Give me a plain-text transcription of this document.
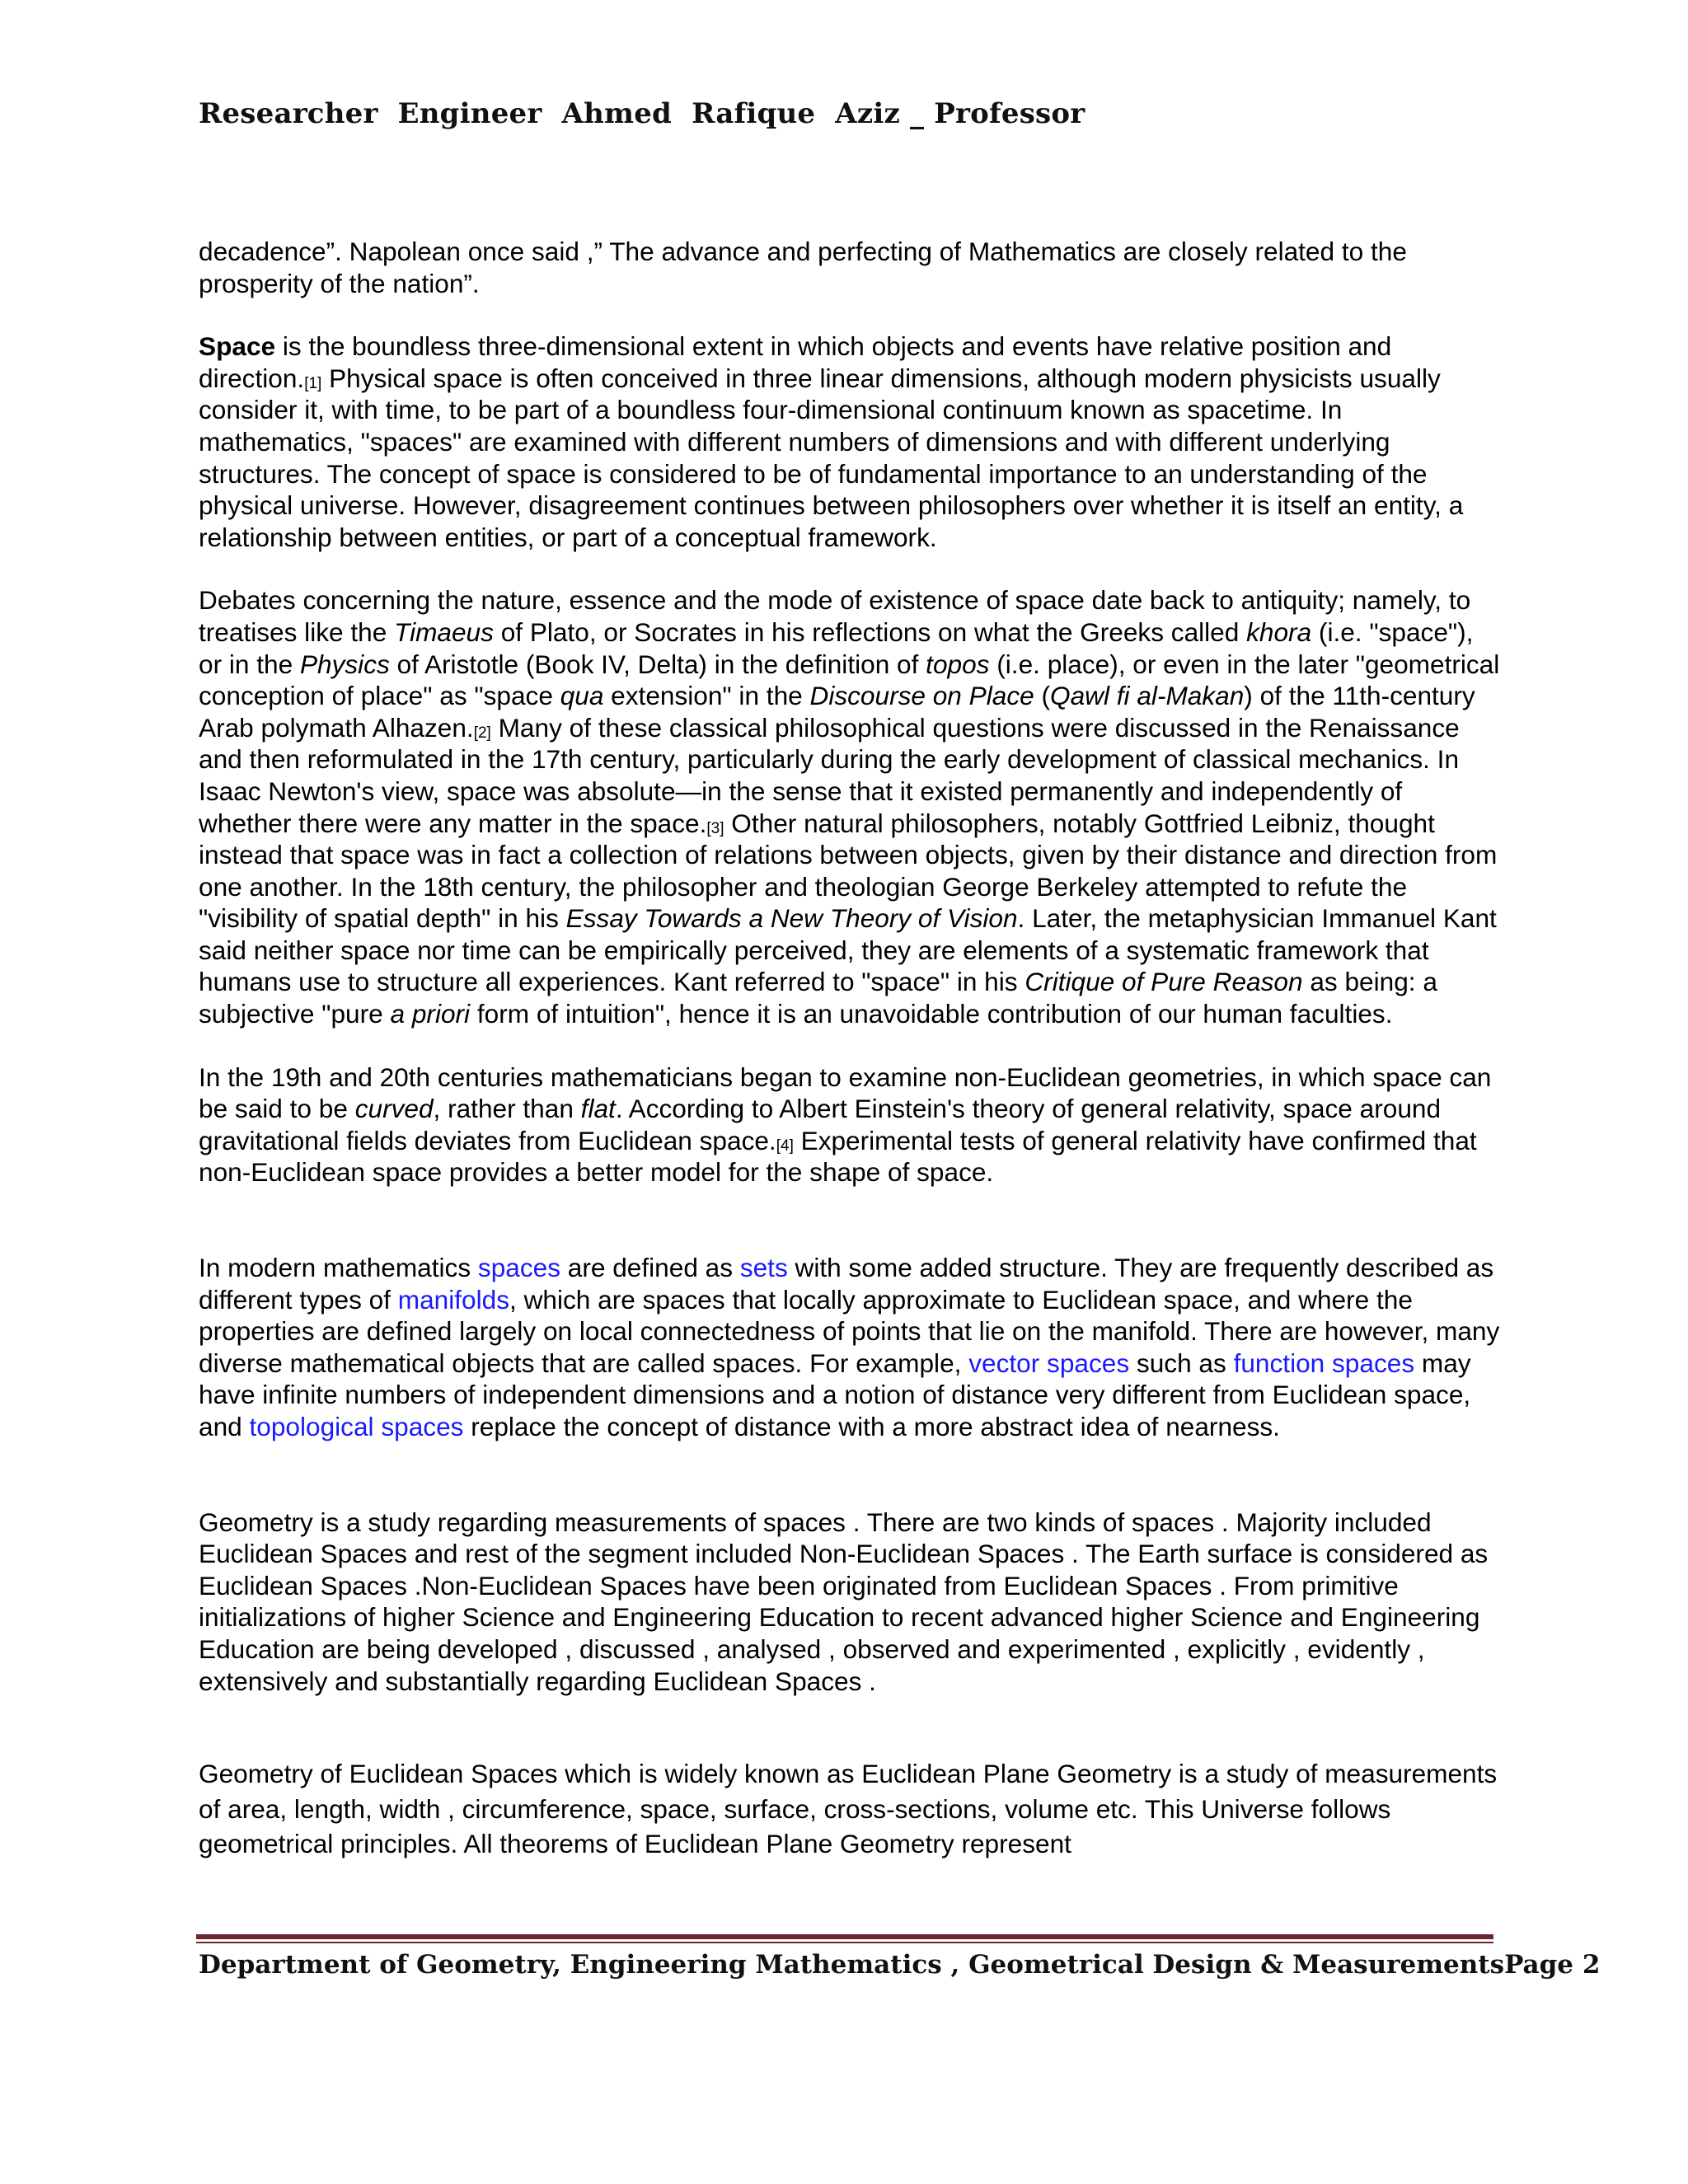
Researcher  Engineer  Ahmed  Rafique  Aziz _ Professor

decadence”. Napolean once said ,” The advance and perfecting of Mathematics are closely related to the prosperity of the nation”.

Space is the boundless three-dimensional extent in which objects and events have relative position and direction.[1] Physical space is often conceived in three linear dimensions, although modern physicists usually consider it, with time, to be part of a boundless four-dimensional continuum known as spacetime. In mathematics, "spaces" are examined with different numbers of dimensions and with different underlying structures. The concept of space is considered to be of fundamental importance to an understanding of the physical universe. However, disagreement continues between philosophers over whether it is itself an entity, a relationship between entities, or part of a conceptual framework.

Debates concerning the nature, essence and the mode of existence of space date back to antiquity; namely, to treatises like the Timaeus of Plato, or Socrates in his reflections on what the Greeks called khora (i.e. "space"), or in the Physics of Aristotle (Book IV, Delta) in the definition of topos (i.e. place), or even in the later "geometrical conception of place" as "space qua extension" in the Discourse on Place (Qawl fi al-Makan) of the 11th-century Arab polymath Alhazen.[2] Many of these classical philosophical questions were discussed in the Renaissance and then reformulated in the 17th century, particularly during the early development of classical mechanics. In Isaac Newton's view, space was absolute—in the sense that it existed permanently and independently of whether there were any matter in the space.[3] Other natural philosophers, notably Gottfried Leibniz, thought instead that space was in fact a collection of relations between objects, given by their distance and direction from one another. In the 18th century, the philosopher and theologian George Berkeley attempted to refute the "visibility of spatial depth" in his Essay Towards a New Theory of Vision. Later, the metaphysician Immanuel Kant said neither space nor time can be empirically perceived, they are elements of a systematic framework that humans use to structure all experiences. Kant referred to "space" in his Critique of Pure Reason as being: a subjective "pure a priori form of intuition", hence it is an unavoidable contribution of our human faculties.

In the 19th and 20th centuries mathematicians began to examine non-Euclidean geometries, in which space can be said to be curved, rather than flat. According to Albert Einstein's theory of general relativity, space around gravitational fields deviates from Euclidean space.[4] Experimental tests of general relativity have confirmed that non-Euclidean space provides a better model for the shape of space.

In modern mathematics spaces are defined as sets with some added structure. They are frequently described as different types of manifolds, which are spaces that locally approximate to Euclidean space, and where the properties are defined largely on local connectedness of points that lie on the manifold. There are however, many diverse mathematical objects that are called spaces. For example, vector spaces such as function spaces may have infinite numbers of independent dimensions and a notion of distance very different from Euclidean space, and topological spaces replace the concept of distance with a more abstract idea of nearness.

Geometry is a study regarding measurements of spaces . There are two kinds of spaces . Majority included Euclidean Spaces and rest of the segment included Non-Euclidean Spaces . The Earth surface is considered as Euclidean Spaces .Non-Euclidean Spaces have been originated from Euclidean Spaces . From primitive initializations of higher Science and Engineering Education to recent advanced higher Science and Engineering Education are being developed , discussed , analysed , observed and experimented , explicitly , evidently , extensively and substantially regarding Euclidean Spaces .

Geometry of Euclidean Spaces which is widely known as Euclidean Plane Geometry is a study of measurements of area, length, width , circumference, space, surface, cross-sections, volume etc. This Universe follows geometrical principles. All theorems of Euclidean Plane Geometry represent

Department of Geometry, Engineering Mathematics , Geometrical Design & Measurements Page 2
